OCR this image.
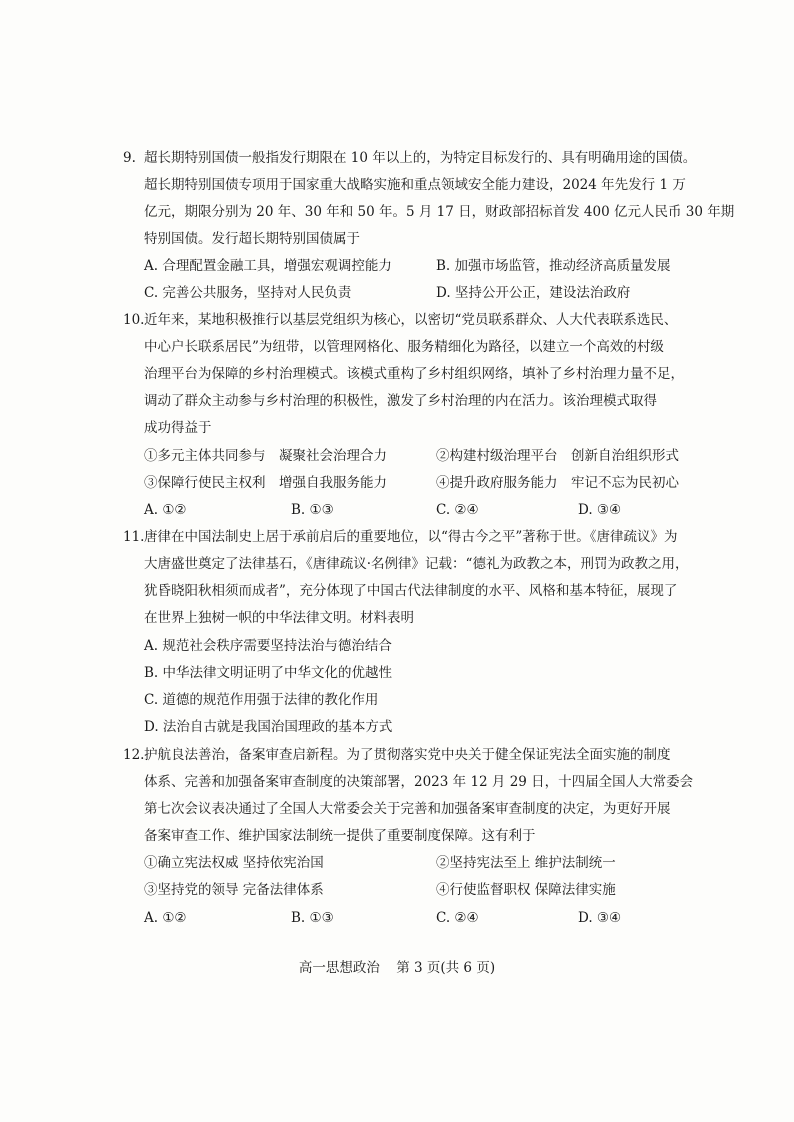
9. 超长期特别国债一般指发行期限在 10 年以上的，为特定目标发行的、具有明确用途的国债。
超长期特别国债专项用于国家重大战略实施和重点领域安全能力建设，2024 年先发行 1 万
亿元，期限分别为 20 年、30 年和 50 年。5 月 17 日，财政部招标首发 400 亿元人民币 30 年期
特别国债。发行超长期特别国债属于
A. 合理配置金融工具，增强宏观调控能力	B. 加强市场监管，推动经济高质量发展
C. 完善公共服务，坚持对人民负责	D. 坚持公开公正，建设法治政府
10. 近年来，某地积极推行以基层党组织为核心，以密切“党员联系群众、人大代表联系选民、
中心户长联系居民”为纽带，以管理网格化、服务精细化为路径，以建立一个高效的村级
治理平台为保障的乡村治理模式。该模式重构了乡村组织网络，填补了乡村治理力量不足，
调动了群众主动参与乡村治理的积极性，激发了乡村治理的内在活力。该治理模式取得
成功得益于
①多元主体共同参与　凝聚社会治理合力	②构建村级治理平台　创新自治组织形式
③保障行使民主权利　增强自我服务能力	④提升政府服务能力　牢记不忘为民初心
A. ①②	B. ①③	C. ②④	D. ③④
11. 唐律在中国法制史上居于承前启后的重要地位，以“得古今之平”著称于世。《唐律疏议》为
大唐盛世奠定了法律基石，《唐律疏议·名例律》记载：“德礼为政教之本，刑罚为政教之用，
犹昏晓阳秋相须而成者”，充分体现了中国古代法律制度的水平、风格和基本特征，展现了
在世界上独树一帜的中华法律文明。材料表明
A. 规范社会秩序需要坚持法治与德治结合
B. 中华法律文明证明了中华文化的优越性
C. 道德的规范作用强于法律的教化作用
D. 法治自古就是我国治国理政的基本方式
12. 护航良法善治，备案审查启新程。为了贯彻落实党中央关于健全保证宪法全面实施的制度
体系、完善和加强备案审查制度的决策部署，2023 年 12 月 29 日，十四届全国人大常委会
第七次会议表决通过了全国人大常委会关于完善和加强备案审查制度的决定，为更好开展
备案审查工作、维护国家法制统一提供了重要制度保障。这有利于
①确立宪法权威 坚持依宪治国	②坚持宪法至上 维护法制统一
③坚持党的领导 完备法律体系	④行使监督职权 保障法律实施
A. ①②	B. ①③	C. ②④	D. ③④
高一思想政治 第 3 页(共 6 页)
